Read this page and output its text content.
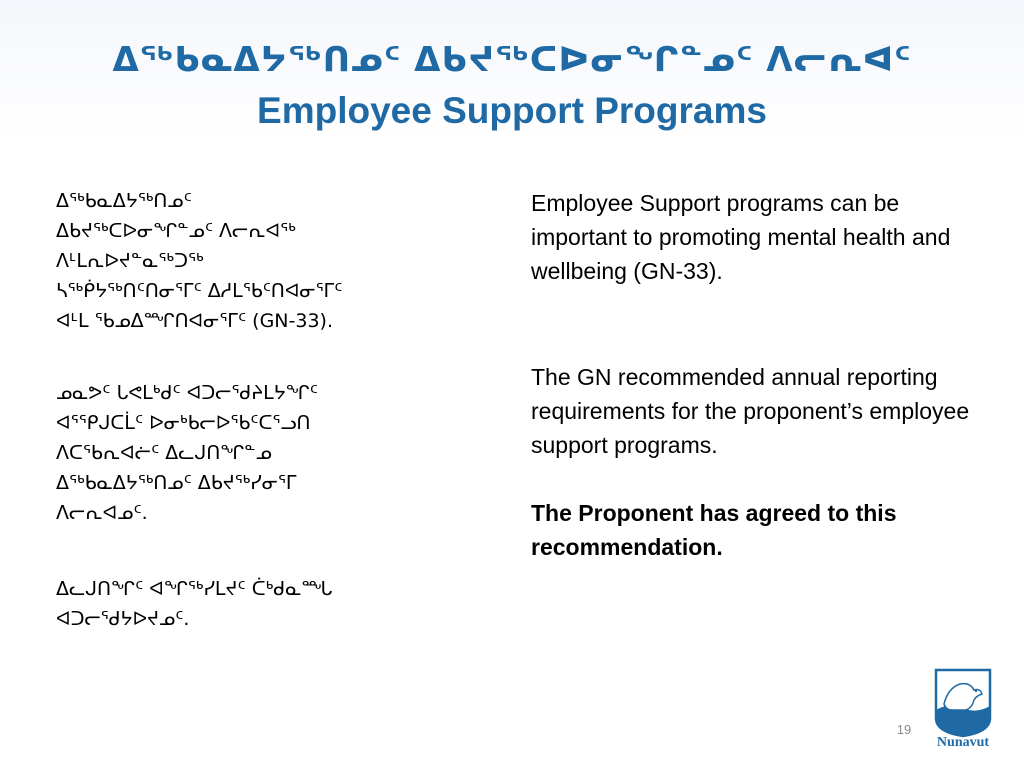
ᐃᖅᑲᓇᐃᔭᖅᑎᓄᑦ ᐃᑲᔪᖅᑕᐅᓂᖏᓐᓄᑦ ᐱᓕᕆᐊᑦ
Employee Support Programs
ᐃᖅᑲᓇᐃᔭᖅᑎᓄᑦ
ᐃᑲᔪᖅᑕᐅᓂᖏᓐᓄᑦ ᐱᓕᕆᐊᖅ
ᐱᒻᒪᕆᐅᔪᓐᓇᖅᑐᖅ
ᓴᖅᑮᔭᖅᑎᑦᑎᓂᕐᒥᑦ ᐃᓱᒪᖃᑦᑎᐊᓂᕐᒥᑦ
ᐊᒻᒪ ᖃᓄᐃᙱᑎᐊᓂᕐᒥᑦ (GN-33).
ᓄᓇᕗᑦ ᒐᕙᒪᒃᑯᑦ ᐊᑐᓕᖁᔨᒪᔭᖏᑦ
ᐊᕐᕿᒍᑕᒫᑦ ᐅᓂᒃᑲᓕᐅᖃᑦᑕᕐᓗᑎ
ᐱᑕᖃᕆᐊᓖᑦ ᐃᓚᒍᑎᖏᓐᓄ
ᐃᖅᑲᓇᐃᔭᖅᑎᓄᑦ ᐃᑲᔪᖅᓯᓂᕐᒥ
ᐱᓕᕆᐊᓄᑦ.
ᐃᓚᒍᑎᖏᑦ ᐊᖏᖅᓯᒪᔪᑦ ᑖᒃᑯᓇᙵ
ᐊᑐᓕᖁᔭᐅᔪᓄᑦ.

Employee Support programs can be important to promoting mental health and wellbeing (GN-33).

The GN recommended annual reporting requirements for the proponent’s employee support programs.

The Proponent has agreed to this recommendation.

19	ᓄᓇᕗᑦ
Nunavut
